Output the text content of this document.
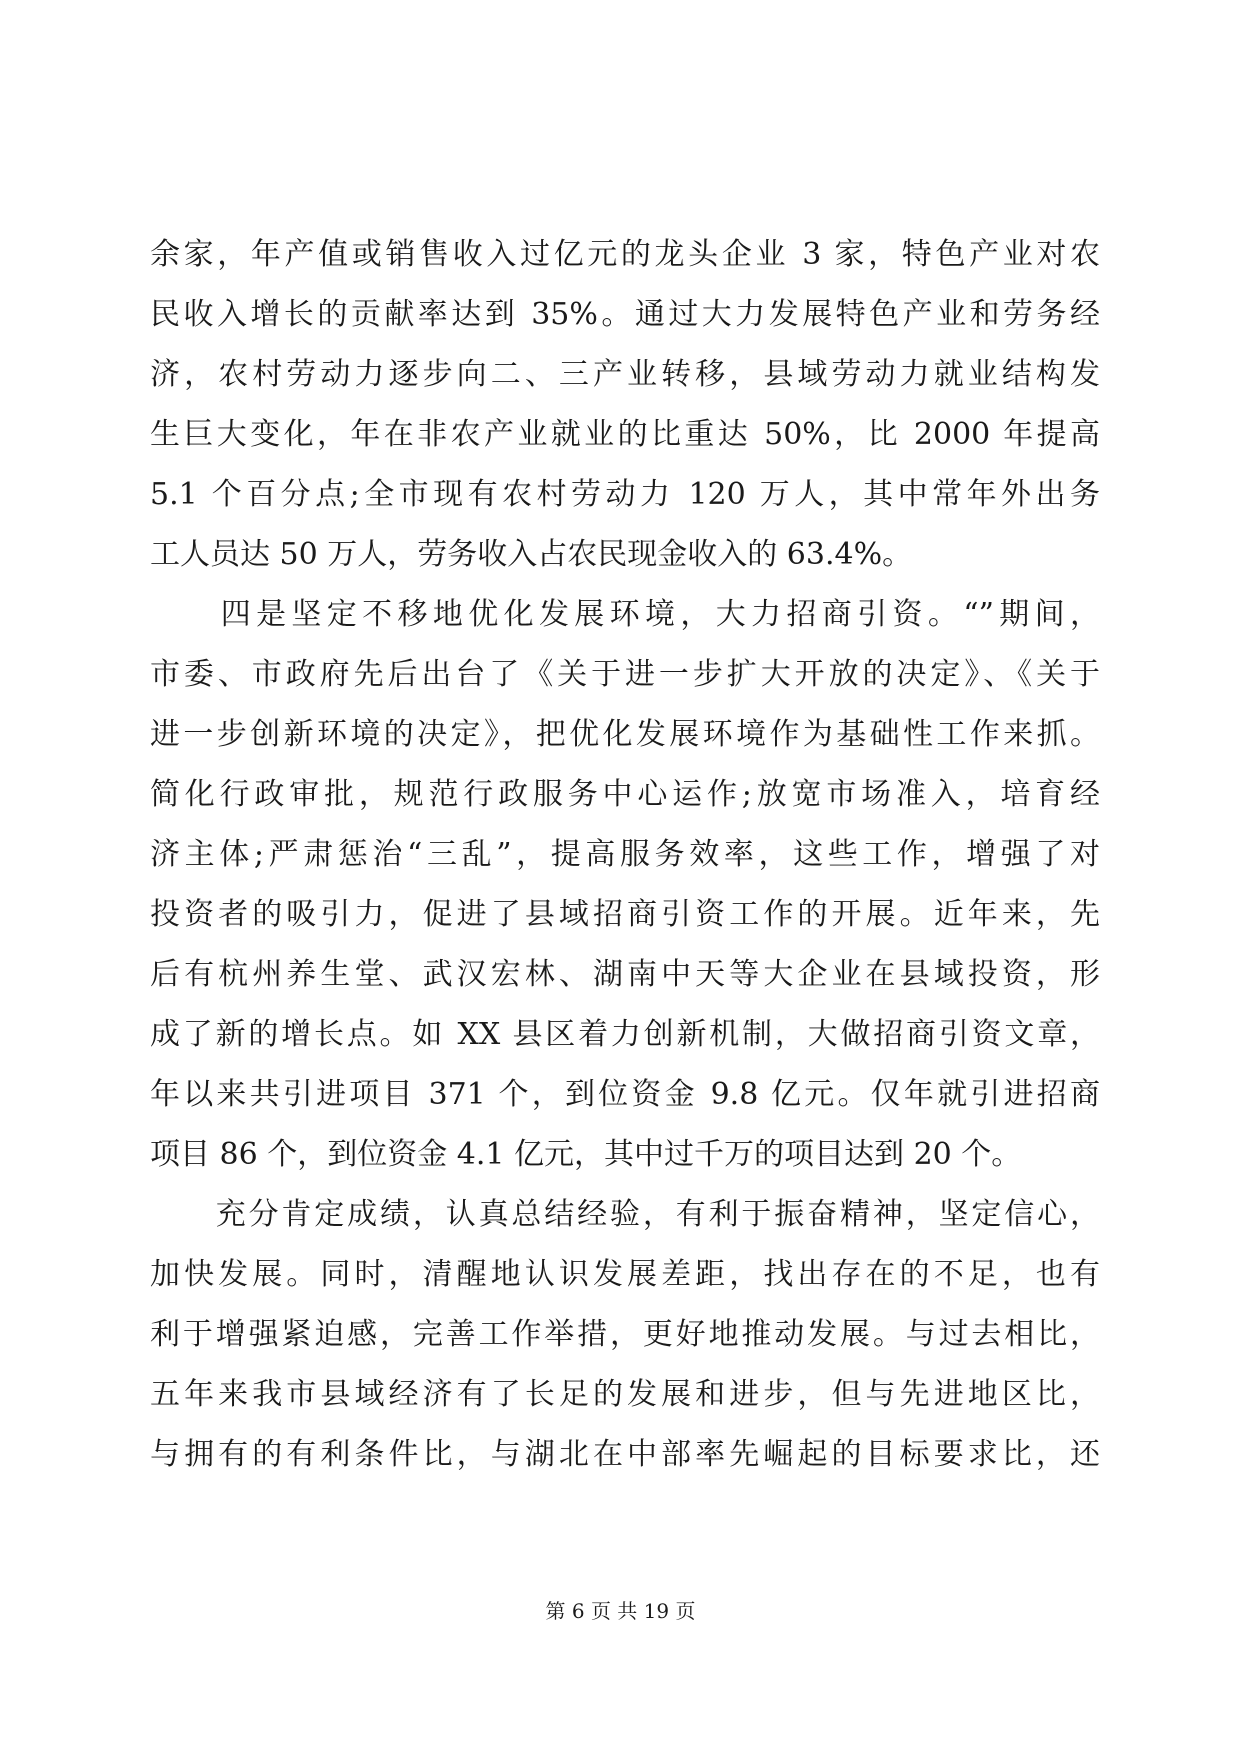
余家，年产值或销售收入过亿元的龙头企业 3 家，特色产业对农
民收入增长的贡献率达到 35%。通过大力发展特色产业和劳务经
济，农村劳动力逐步向二、三产业转移，县域劳动力就业结构发
生巨大变化，年在非农产业就业的比重达 50%，比 2000 年提高
5.1 个百分点;全市现有农村劳动力 120 万人，其中常年外出务
工人员达 50 万人，劳务收入占农民现金收入的 63.4%。
　　四是坚定不移地优化发展环境，大力招商引资。“”期间，
市委、市政府先后出台了《关于进一步扩大开放的决定》、《关于
进一步创新环境的决定》，把优化发展环境作为基础性工作来抓。
简化行政审批，规范行政服务中心运作;放宽市场准入，培育经
济主体;严肃惩治“三乱”，提高服务效率，这些工作，增强了对
投资者的吸引力，促进了县域招商引资工作的开展。近年来，先
后有杭州养生堂、武汉宏林、湖南中天等大企业在县域投资，形
成了新的增长点。如 XX 县区着力创新机制，大做招商引资文章，
年以来共引进项目 371 个，到位资金 9.8 亿元。仅年就引进招商
项目 86 个，到位资金 4.1 亿元，其中过千万的项目达到 20 个。
　　充分肯定成绩，认真总结经验，有利于振奋精神，坚定信心，
加快发展。同时，清醒地认识发展差距，找出存在的不足，也有
利于增强紧迫感，完善工作举措，更好地推动发展。与过去相比，
五年来我市县域经济有了长足的发展和进步，但与先进地区比，
与拥有的有利条件比，与湖北在中部率先崛起的目标要求比，还
第 6 页 共 19 页
